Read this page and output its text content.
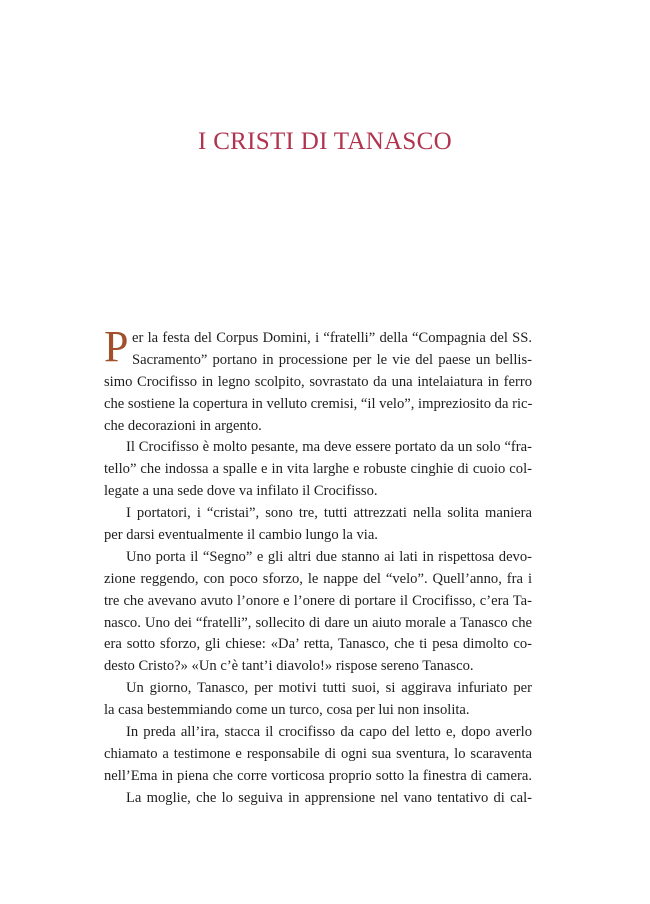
I CRISTI DI TANASCO
P er la festa del Corpus Domini, i “fratelli” della “Compagnia del SS.
Sacramento” portano in processione per le vie del paese un bellis-
simo Crocifisso in legno scolpito, sovrastato da una intelaiatura in ferro
che sostiene la copertura in velluto cremisi, “il velo”, impreziosito da ric-
che decorazioni in argento.
Il Crocifisso è molto pesante, ma deve essere portato da un solo “fra-
tello” che indossa a spalle e in vita larghe e robuste cinghie di cuoio col-
legate a una sede dove va infilato il Crocifisso.
I portatori, i “cristai”, sono tre, tutti attrezzati nella solita maniera
per darsi eventualmente il cambio lungo la via.
Uno porta il “Segno” e gli altri due stanno ai lati in rispettosa devo-
zione reggendo, con poco sforzo, le nappe del “velo”. Quell’anno, fra i
tre che avevano avuto l’onore e l’onere di portare il Crocifisso, c’era Ta-
nasco. Uno dei “fratelli”, sollecito di dare un aiuto morale a Tanasco che
era sotto sforzo, gli chiese: «Da’ retta, Tanasco, che ti pesa dimolto co-
desto Cristo?» «Un c’è tant’i diavolo!» rispose sereno Tanasco.
Un giorno, Tanasco, per motivi tutti suoi, si aggirava infuriato per
la casa bestemmiando come un turco, cosa per lui non insolita.
In preda all’ira, stacca il crocifisso da capo del letto e, dopo averlo
chiamato a testimone e responsabile di ogni sua sventura, lo scaraventa
nell’Ema in piena che corre vorticosa proprio sotto la finestra di camera.
La moglie, che lo seguiva in apprensione nel vano tentativo di cal-
